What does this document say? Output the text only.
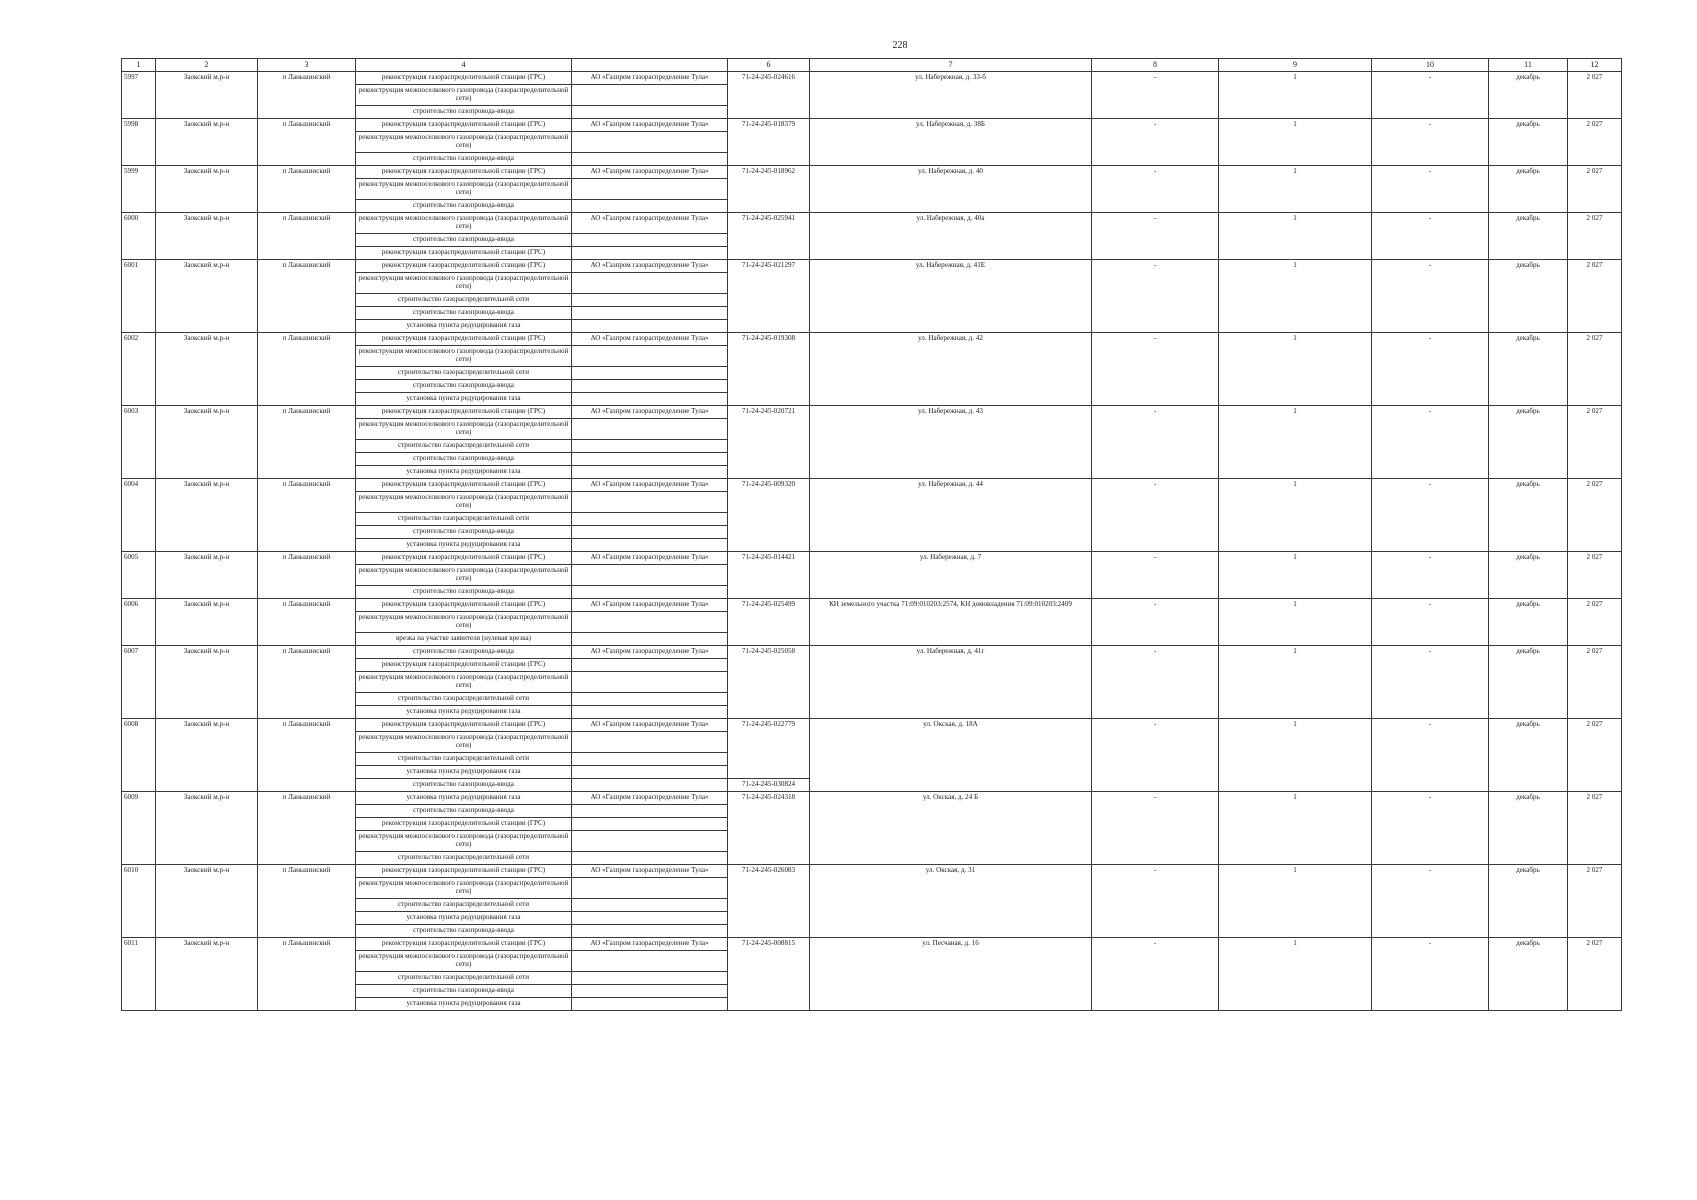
228
1	2	3	4		6	7	8	9	10	11	12
5997	Заокский м.р-н	п Ланьшинский	реконструкция газораспределительной станции (ГРС)	АО «Газпром газораспределение Тула»	71-24-245-024616	ул. Набережная, д. 33-б	-	1	-	декабрь	2 027
			реконструкция межпоселкового газопровода (газораспределительной сети)								
			строительство газопровода-ввода								
5998	Заокский м.р-н	п Ланьшинский	реконструкция газораспределительной станции (ГРС)	АО «Газпром газораспределение Тула»	71-24-245-018379	ул. Набережная, д. 38Б	-	1	-	декабрь	2 027
			реконструкция межпоселкового газопровода (газораспределительной сети)								
			строительство газопровода-ввода								
5999	Заокский м.р-н	п Ланьшинский	реконструкция газораспределительной станции (ГРС)	АО «Газпром газораспределение Тула»	71-24-245-018962	ул. Набережная, д. 40	-	1	-	декабрь	2 027
			реконструкция межпоселкового газопровода (газораспределительной сети)								
			строительство газопровода-ввода								
6000	Заокский м.р-н	п Ланьшинский	реконструкция межпоселкового газопровода (газораспределительной сети)	АО «Газпром газораспределение Тула»	71-24-245-025941	ул. Набережная, д. 40а	-	1	-	декабрь	2 027
			строительство газопровода-ввода								
			реконструкция газораспределительной станции (ГРС)								
6001	Заокский м.р-н	п Ланьшинский	реконструкция газораспределительной станции (ГРС)	АО «Газпром газораспределение Тула»	71-24-245-021297	ул. Набережная, д. 41Е	-	1	-	декабрь	2 027
			реконструкция межпоселкового газопровода (газораспределительной сети)								
			строительство газораспределительной сети								
			строительство газопровода-ввода								
			установка пункта редуцирования газа								
6002	Заокский м.р-н	п Ланьшинский	реконструкция газораспределительной станции (ГРС)	АО «Газпром газораспределение Тула»	71-24-245-019308	ул. Набережная, д. 42	-	1	-	декабрь	2 027
			реконструкция межпоселкового газопровода (газораспределительной сети)								
			строительство газораспределительной сети								
			строительство газопровода-ввода								
			установка пункта редуцирования газа								
6003	Заокский м.р-н	п Ланьшинский	реконструкция газораспределительной станции (ГРС)	АО «Газпром газораспределение Тула»	71-24-245-020721	ул. Набережная, д. 43	-	1	-	декабрь	2 027
			реконструкция межпоселкового газопровода (газораспределительной сети)								
			строительство газораспределительной сети								
			строительство газопровода-ввода								
			установка пункта редуцирования газа								
6004	Заокский м.р-н	п Ланьшинский	реконструкция газораспределительной станции (ГРС)	АО «Газпром газораспределение Тула»	71-24-245-009320	ул. Набережная, д. 44	-	1	-	декабрь	2 027
			реконструкция межпоселкового газопровода (газораспределительной сети)								
			строительство газораспределительной сети								
			строительство газопровода-ввода								
			установка пункта редуцирования газа								
6005	Заокский м.р-н	п Ланьшинский	реконструкция газораспределительной станции (ГРС)	АО «Газпром газораспределение Тула»	71-24-245-014421	ул. Набережная, д. 7	-	1	-	декабрь	2 027
			реконструкция межпоселкового газопровода (газораспределительной сети)								
			строительство газопровода-ввода								
6006	Заокский м.р-н	п Ланьшинский	реконструкция газораспределительной станции (ГРС)	АО «Газпром газораспределение Тула»	71-24-245-025499	КН земельного участка 71:09:010203:2574, КН домовладения 71:09:010203:2409	-	1	-	декабрь	2 027
			реконструкция межпоселкового газопровода (газораспределительной сети)								
			врезка на участке заявителя (нулевая врезка)								
6007	Заокский м.р-н	п Ланьшинский	строительство газопровода-ввода	АО «Газпром газораспределение Тула»	71-24-245-025058	ул. Набережная, д. 41г	-	1	-	декабрь	2 027
			реконструкция газораспределительной станции (ГРС)								
			реконструкция межпоселкового газопровода (газораспределительной сети)								
			строительство газораспределительной сети								
			установка пункта редуцирования газа								
6008	Заокский м.р-н	п Ланьшинский	реконструкция газораспределительной станции (ГРС)	АО «Газпром газораспределение Тула»	71-24-245-022779	ул. Окская, д. 18А	-	1	-	декабрь	2 027
			реконструкция межпоселкового газопровода (газораспределительной сети)								
			строительство газораспределительной сети								
			установка пункта редуцирования газа								
			строительство газопровода-ввода		71-24-245-030824						
6009	Заокский м.р-н	п Ланьшинский	установка пункта редуцирования газа	АО «Газпром газораспределение Тула»	71-24-245-024318	ул. Окская, д. 24 Б	-	1	-	декабрь	2 027
			строительство газопровода-ввода								
			реконструкция газораспределительной станции (ГРС)								
			реконструкция межпоселкового газопровода (газораспределительной сети)								
			строительство газораспределительной сети								
6010	Заокский м.р-н	п Ланьшинский	реконструкция газораспределительной станции (ГРС)	АО «Газпром газораспределение Тула»	71-24-245-026083	ул. Окская, д. 31	-	1	-	декабрь	2 027
			реконструкция межпоселкового газопровода (газораспределительной сети)								
			строительство газораспределительной сети								
			установка пункта редуцирования газа								
			строительство газопровода-ввода								
6011	Заокский м.р-н	п Ланьшинский	реконструкция газораспределительной станции (ГРС)	АО «Газпром газораспределение Тула»	71-24-245-008815	ул. Песчаная, д. 16	-	1	-	декабрь	2 027
			реконструкция межпоселкового газопровода (газораспределительной сети)								
			строительство газораспределительной сети								
			строительство газопровода-ввода								
			установка пункта редуцирования газа								
